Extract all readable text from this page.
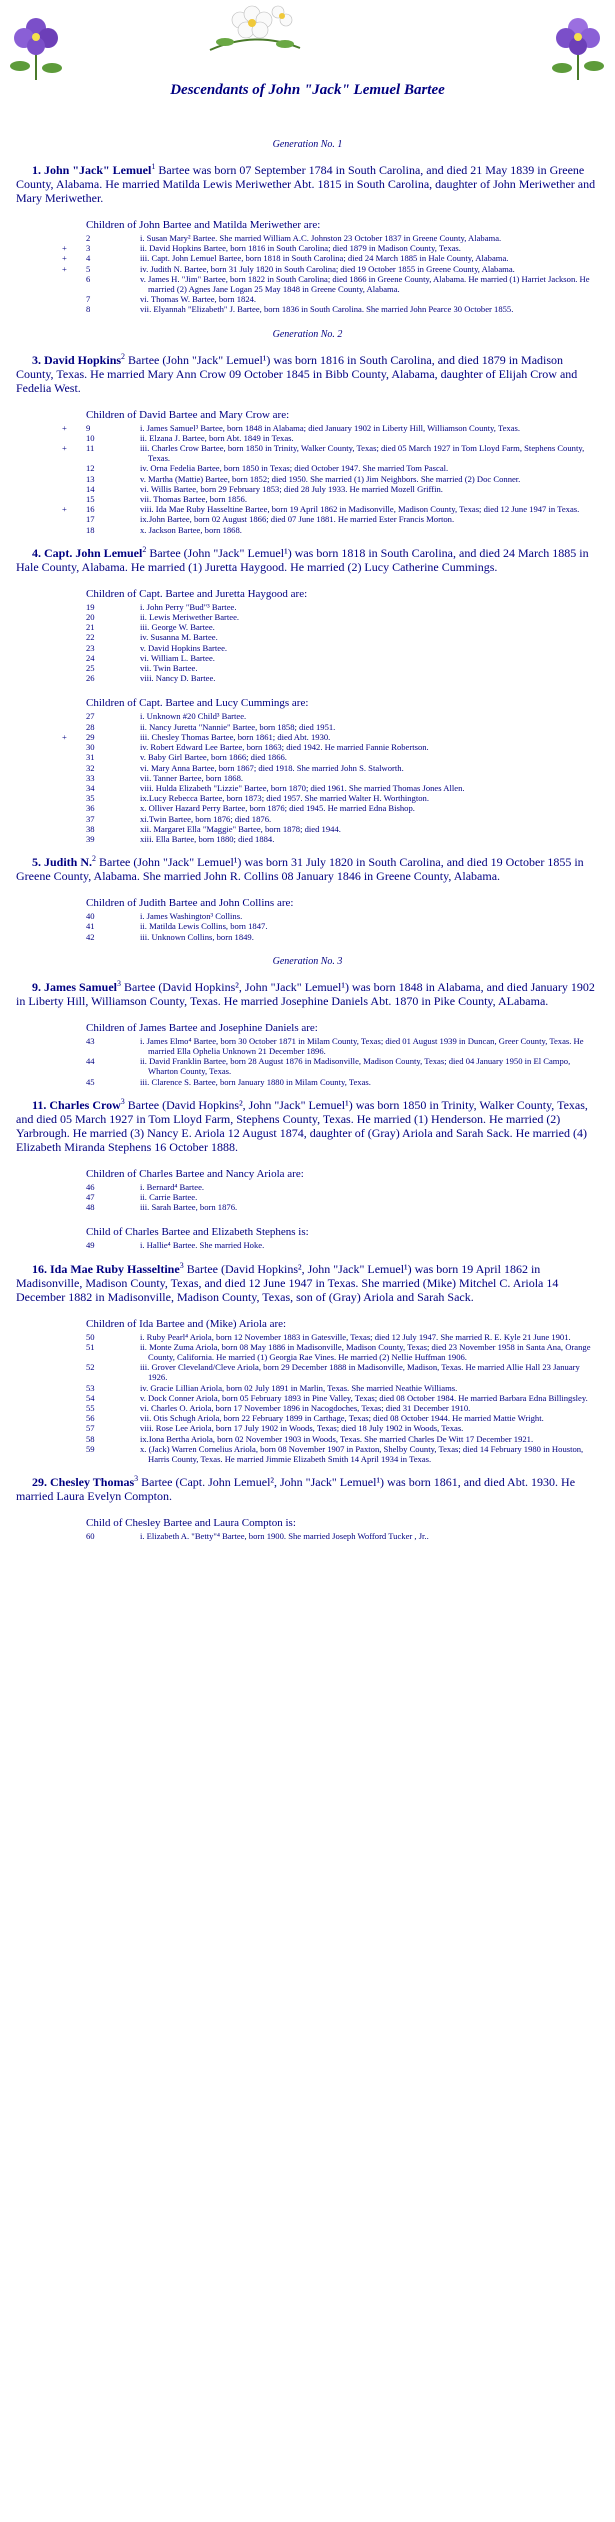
Descendants of John "Jack" Lemuel Bartee
Generation No. 1
1. John "Jack" Lemuel$^1$ Bartee was born 07 September 1784 in South Carolina, and died 21 May 1839 in Greene County, Alabama. He married Matilda Lewis Meriwether Abt. 1815 in South Carolina, daughter of John Meriwether and Mary Meriwether.
Children of John Bartee and Matilda Meriwether are:
2	i. Susan Mary² Bartee. She married William A.C. Johnston 23 October 1837 in Greene County, Alabama.
+ 3	ii. David Hopkins Bartee, born 1816 in South Carolina; died 1879 in Madison County, Texas.
+ 4	iii. Capt. John Lemuel Bartee, born 1818 in South Carolina; died 24 March 1885 in Hale County, Alabama.
+ 5	iv. Judith N. Bartee, born 31 July 1820 in South Carolina; died 19 October 1855 in Greene County, Alabama.
6	v. James H. "Jim" Bartee, born 1822 in South Carolina; died 1866 in Greene County, Alabama. He married (1) Harriet Jackson. He married (2) Agnes Jane Logan 25 May 1848 in Greene County, Alabama.
7	vi. Thomas W. Bartee, born 1824.
8	vii. Elyannah "Elizabeth" J. Bartee, born 1836 in South Carolina. She married John Pearce 30 October 1855.
Generation No. 2
3. David Hopkins$^2$ Bartee (John "Jack" Lemuel¹) was born 1816 in South Carolina, and died 1879 in Madison County, Texas. He married Mary Ann Crow 09 October 1845 in Bibb County, Alabama, daughter of Elijah Crow and Fedelia West.
Children of David Bartee and Mary Crow are:
+ 9	i. James Samuel³ Bartee, born 1848 in Alabama; died January 1902 in Liberty Hill, Williamson County, Texas.
10	ii. Elzana J. Bartee, born Abt. 1849 in Texas.
+ 11	iii. Charles Crow Bartee, born 1850 in Trinity, Walker County, Texas; died 05 March 1927 in Tom Lloyd Farm, Stephens County, Texas.
12	iv. Orna Fedelia Bartee, born 1850 in Texas; died October 1947. She married Tom Pascal.
13	v. Martha (Mattie) Bartee, born 1852; died 1950. She married (1) Jim Neighbors. She married (2) Doc Conner.
14	vi. Willis Bartee, born 29 February 1853; died 28 July 1933. He married Mozell Griffin.
15	vii. Thomas Bartee, born 1856.
+ 16	viii. Ida Mae Ruby Hasseltine Bartee, born 19 April 1862 in Madisonville, Madison County, Texas; died 12 June 1947 in Texas.
17	ix.John Bartee, born 02 August 1866; died 07 June 1881. He married Ester Francis Morton.
18	x. Jackson Bartee, born 1868.
4. Capt. John Lemuel$^2$ Bartee (John "Jack" Lemuel¹) was born 1818 in South Carolina, and died 24 March 1885 in Hale County, Alabama. He married (1) Juretta Haygood. He married (2) Lucy Catherine Cummings.
Children of Capt. Bartee and Juretta Haygood are:
19	i. John Perry "Bud"³ Bartee.
20	ii. Lewis Meriwether Bartee.
21	iii. George W. Bartee.
22	iv. Susanna M. Bartee.
23	v. David Hopkins Bartee.
24	vi. William L. Bartee.
25	vii. Twin Bartee.
26	viii. Nancy D. Bartee.
Children of Capt. Bartee and Lucy Cummings are:
27	i. Unknown #20 Child³ Bartee.
28	ii. Nancy Juretta "Nannie" Bartee, born 1858; died 1951.
+ 29	iii. Chesley Thomas Bartee, born 1861; died Abt. 1930.
30	iv. Robert Edward Lee Bartee, born 1863; died 1942. He married Fannie Robertson.
31	v. Baby Girl Bartee, born 1866; died 1866.
32	vi. Mary Anna Bartee, born 1867; died 1918. She married John S. Stalworth.
33	vii. Tanner Bartee, born 1868.
34	viii. Hulda Elizabeth "Lizzie" Bartee, born 1870; died 1961. She married Thomas Jones Allen.
35	ix.Lucy Rebecca Bartee, born 1873; died 1957. She married Walter H. Worthington.
36	x. Olliver Hazard Perry Bartee, born 1876; died 1945. He married Edna Bishop.
37	xi.Twin Bartee, born 1876; died 1876.
38	xii. Margaret Ella "Maggie" Bartee, born 1878; died 1944.
39	xiii. Ella Bartee, born 1880; died 1884.
5. Judith N.$^2$ Bartee (John "Jack" Lemuel¹) was born 31 July 1820 in South Carolina, and died 19 October 1855 in Greene County, Alabama. She married John R. Collins 08 January 1846 in Greene County, Alabama.
Children of Judith Bartee and John Collins are:
40	i. James Washington³ Collins.
41	ii. Matilda Lewis Collins, born 1847.
42	iii. Unknown Collins, born 1849.
Generation No. 3
9. James Samuel$^3$ Bartee (David Hopkins², John "Jack" Lemuel¹) was born 1848 in Alabama, and died January 1902 in Liberty Hill, Williamson County, Texas. He married Josephine Daniels Abt. 1870 in Pike County, ALabama.
Children of James Bartee and Josephine Daniels are:
43	i. James Elmo⁴ Bartee, born 30 October 1871 in Milam County, Texas; died 01 August 1939 in Duncan, Greer County, Texas. He married Ella Ophelia Unknown 21 December 1896.
44	ii. David Franklin Bartee, born 28 August 1876 in Madisonville, Madison County, Texas; died 04 January 1950 in El Campo, Wharton County, Texas.
45	iii. Clarence S. Bartee, born January 1880 in Milam County, Texas.
11. Charles Crow$^3$ Bartee (David Hopkins², John "Jack" Lemuel¹) was born 1850 in Trinity, Walker County, Texas, and died 05 March 1927 in Tom Lloyd Farm, Stephens County, Texas. He married (1) Henderson. He married (2) Yarbrough. He married (3) Nancy E. Ariola 12 August 1874, daughter of (Gray) Ariola and Sarah Sack. He married (4) Elizabeth Miranda Stephens 16 October 1888.
Children of Charles Bartee and Nancy Ariola are:
46	i. Bernard⁴ Bartee.
47	ii. Carrie Bartee.
48	iii. Sarah Bartee, born 1876.
Child of Charles Bartee and Elizabeth Stephens is:
49	i. Hallie⁴ Bartee. She married Hoke.
16. Ida Mae Ruby Hasseltine$^3$ Bartee (David Hopkins², John "Jack" Lemuel¹) was born 19 April 1862 in Madisonville, Madison County, Texas, and died 12 June 1947 in Texas. She married (Mike) Mitchel C. Ariola 14 December 1882 in Madisonville, Madison County, Texas, son of (Gray) Ariola and Sarah Sack.
Children of Ida Bartee and (Mike) Ariola are:
50	i. Ruby Pearl⁴ Ariola, born 12 November 1883 in Gatesville, Texas; died 12 July 1947. She married R. E. Kyle 21 June 1901.
51	ii. Monte Zuma Ariola, born 08 May 1886 in Madisonville, Madison County, Texas; died 23 November 1958 in Santa Ana, Orange County, California. He married (1) Georgia Rae Vines. He married (2) Nellie Huffman 1906.
52	iii. Grover Cleveland/Cleve Ariola, born 29 December 1888 in Madisonville, Madison, Texas. He married Allie Hall 23 January 1926.
53	iv. Gracie Lillian Ariola, born 02 July 1891 in Marlin, Texas. She married Neathie Williams.
54	v. Dock Conner Ariola, born 05 February 1893 in Pine Valley, Texas; died 08 October 1984. He married Barbara Edna Billingsley.
55	vi. Charles O. Ariola, born 17 November 1896 in Nacogdoches, Texas; died 31 December 1910.
56	vii. Otis Schugh Ariola, born 22 February 1899 in Carthage, Texas; died 08 October 1944. He married Mattie Wright.
57	viii. Rose Lee Ariola, born 17 July 1902 in Woods, Texas; died 18 July 1902 in Woods, Texas.
58	ix.Iona Bertha Ariola, born 02 November 1903 in Woods, Texas. She married Charles De Witt 17 December 1921.
59	x. (Jack) Warren Cornelius Ariola, born 08 November 1907 in Paxton, Shelby County, Texas; died 14 February 1980 in Houston, Harris County, Texas. He married Jimmie Elizabeth Smith 14 April 1934 in Texas.
29. Chesley Thomas$^3$ Bartee (Capt. John Lemuel², John "Jack" Lemuel¹) was born 1861, and died Abt. 1930. He married Laura Evelyn Compton.
Child of Chesley Bartee and Laura Compton is:
60	i. Elizabeth A. "Betty"⁴ Bartee, born 1900. She married Joseph Wofford Tucker , Jr..
